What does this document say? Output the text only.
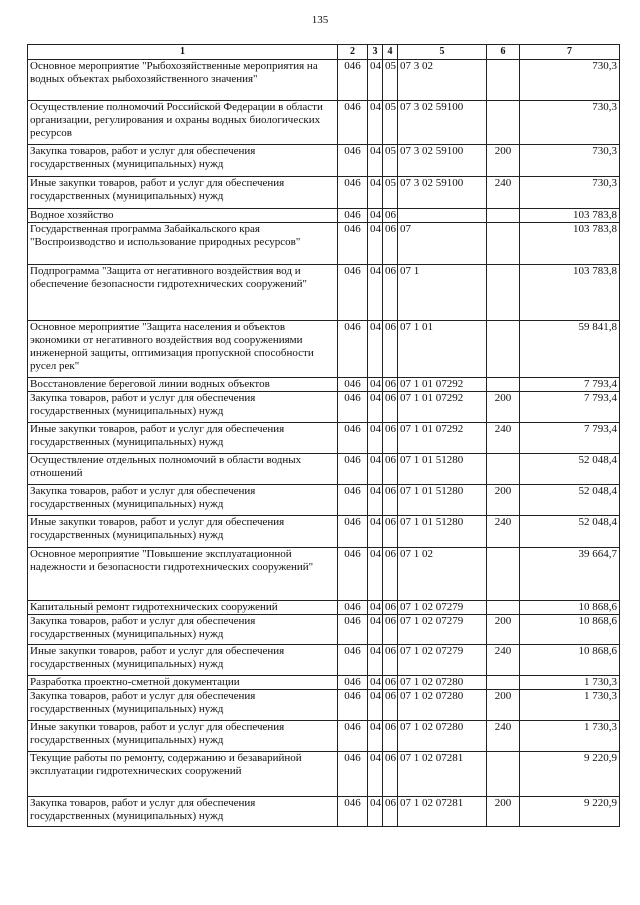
135
1	2	3	4	5	6	7
Основное мероприятие "Рыбохозяйственные мероприятия на водных объектах рыбохозяйственного значения"	046	04	05	07 3 02		730,3
Осуществление полномочий Российской Федерации в области организации, регулирования и охраны водных биологических ресурсов	046	04	05	07 3 02 59100		730,3
Закупка товаров, работ и услуг для обеспечения государственных (муниципальных) нужд	046	04	05	07 3 02 59100	200	730,3
Иные закупки товаров, работ и услуг для обеспечения государственных (муниципальных) нужд	046	04	05	07 3 02 59100	240	730,3
Водное хозяйство	046	04	06			103 783,8
Государственная программа Забайкальского края "Воспроизводство и использование природных ресурсов"	046	04	06	07		103 783,8
Подпрограмма "Защита от негативного воздействия вод и обеспечение безопасности гидротехнических сооружений"	046	04	06	07 1		103 783,8
Основное мероприятие "Защита населения и объектов экономики от негативного воздействия вод сооружениями инженерной защиты, оптимизация пропускной способности русел рек"	046	04	06	07 1 01		59 841,8
Восстановление береговой линии водных объектов	046	04	06	07 1 01 07292		7 793,4
Закупка товаров, работ и услуг для обеспечения государственных (муниципальных) нужд	046	04	06	07 1 01 07292	200	7 793,4
Иные закупки товаров, работ и услуг для обеспечения государственных (муниципальных) нужд	046	04	06	07 1 01 07292	240	7 793,4
Осуществление отдельных полномочий в области водных отношений	046	04	06	07 1 01 51280		52 048,4
Закупка товаров, работ и услуг для обеспечения государственных (муниципальных) нужд	046	04	06	07 1 01 51280	200	52 048,4
Иные закупки товаров, работ и услуг для обеспечения государственных (муниципальных) нужд	046	04	06	07 1 01 51280	240	52 048,4
Основное мероприятие "Повышение эксплуатационной надежности и безопасности гидротехнических сооружений"	046	04	06	07 1 02		39 664,7
Капитальный ремонт гидротехнических сооружений	046	04	06	07 1 02 07279		10 868,6
Закупка товаров, работ и услуг для обеспечения государственных (муниципальных) нужд	046	04	06	07 1 02 07279	200	10 868,6
Иные закупки товаров, работ и услуг для обеспечения государственных (муниципальных) нужд	046	04	06	07 1 02 07279	240	10 868,6
Разработка проектно-сметной документации	046	04	06	07 1 02 07280		1 730,3
Закупка товаров, работ и услуг для обеспечения государственных (муниципальных) нужд	046	04	06	07 1 02 07280	200	1 730,3
Иные закупки товаров, работ и услуг для обеспечения государственных (муниципальных) нужд	046	04	06	07 1 02 07280	240	1 730,3
Текущие работы по ремонту, содержанию и безаварийной эксплуатации гидротехнических сооружений	046	04	06	07 1 02 07281		9 220,9
Закупка товаров, работ и услуг для обеспечения государственных (муниципальных) нужд	046	04	06	07 1 02 07281	200	9 220,9
